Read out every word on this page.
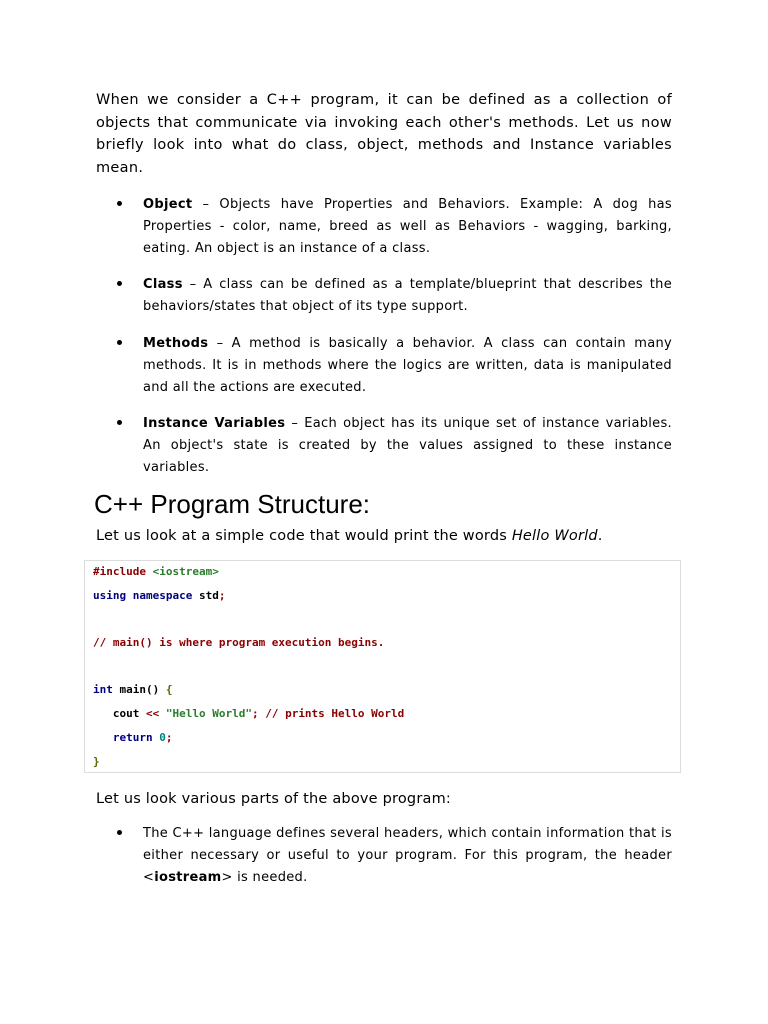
When we consider a C++ program, it can be defined as a collection of objects that communicate via invoking each other's methods. Let us now briefly look into what do class, object, methods and Instance variables mean.

Object – Objects have Properties and Behaviors. Example: A dog has Properties - color, name, breed as well as Behaviors - wagging, barking, eating. An object is an instance of a class.

Class – A class can be defined as a template/blueprint that describes the behaviors/states that object of its type support.

Methods – A method is basically a behavior. A class can contain many methods. It is in methods where the logics are written, data is manipulated and all the actions are executed.

Instance Variables – Each object has its unique set of instance variables. An object's state is created by the values assigned to these instance variables.

C++ Program Structure:

Let us look at a simple code that would print the words Hello World.

#include <iostream>
using namespace std;
// main() is where program execution begins.
int main() {
cout << "Hello World"; // prints Hello World
return 0;
}

Let us look various parts of the above program:

The C++ language defines several headers, which contain information that is either necessary or useful to your program. For this program, the header <iostream> is needed.
